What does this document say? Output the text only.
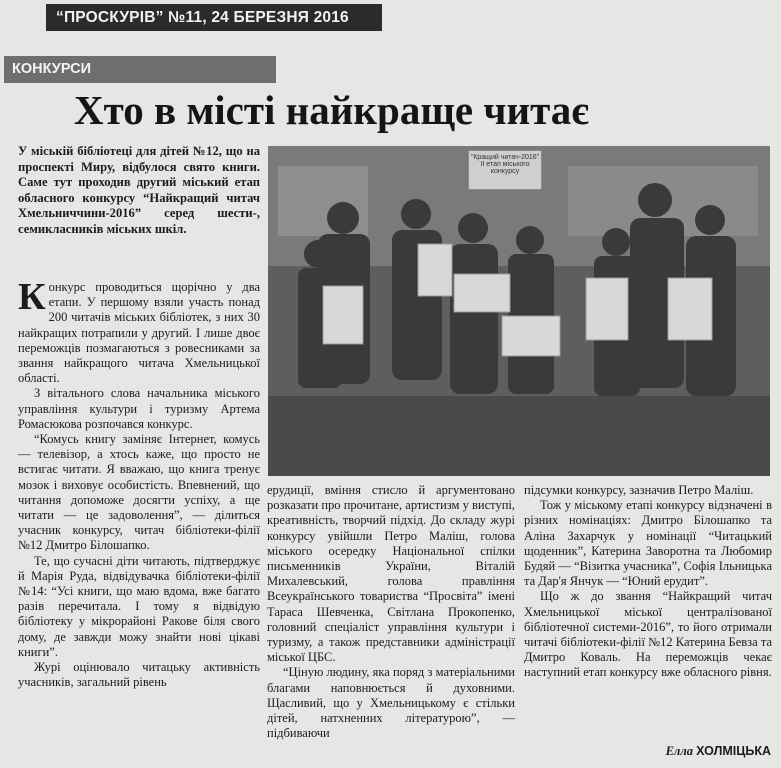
“ПРОСКУРІВ” №11, 24 БЕРЕЗНЯ 2016
КОНКУРСИ
Хто в місті найкраще читає
У міській бібліотеці для дітей №12, що на проспекті Миру, відбулося свято книги. Саме тут проходив другий міський етап обласного конкурсу “Найкращий читач Хмельниччини-2016” серед шести-, семикласників міських шкіл.
“Кращий читач-2016” II етап міського конкурсу

Конкурс проводиться щорічно у два етапи. У першому взяли участь понад 200 читачів міських бібліотек, з них 30 найкращих потрапили у другий. І лише двоє переможців позмагаються з ровесниками за звання найкращого читача Хмельницької області.

З вітального слова начальника міського управління культури і туризму Артема Ромасюкова розпочався конкурс.

“Комусь книгу заміняє Інтернет, комусь — телевізор, а хтось каже, що просто не встигає читати. Я вважаю, що книга тренує мозок і виховує особистість. Впевнений, що читання допоможе досягти успіху, а ще читати — це задоволення”, — ділиться учасник конкурсу, читач бібліотеки-філії №12 Дмитро Білошапко.

Те, що сучасні діти читають, підтверджує й Марія Руда, відвідувачка бібліотеки-філії №14: “Усі книги, що маю вдома, вже багато разів перечитала. І тому я відвідую бібліотеку у мікрорайоні Ракове біля свого дому, де завжди можу знайти нові цікаві книги”.

Журі оцінювало читацьку активність учасників, загальний рівень

ерудиції, вміння стисло й аргументовано розказати про прочитане, артистизм у виступі, креативність, творчий підхід. До складу журі конкурсу увійшли Петро Маліш, голова міського осередку Національної спілки письменників України, Віталій Михалевський, голова правління Всеукраїнського товариства “Просвіта” імені Тараса Шевченка, Світлана Прокопенко, головний спеціаліст управління культури і туризму, а також представники адміністрації міської ЦБС.

“Ціную людину, яка поряд з матеріальними благами наповнюється й духовними. Щасливий, що у Хмельницькому є стільки дітей, натхненних літературою”, — підбиваючи

підсумки конкурсу, зазначив Петро Маліш.

Тож у міському етапі конкурсу відзначені в різних номінаціях: Дмитро Білошапко та Аліна Захарчук у номінації “Читацький щоденник”, Катерина Заворотна та Любомир Будяй — “Візитка учасника”, Софія Ільницька та Дар'я Янчук — “Юний ерудит”.

Що ж до звання “Найкращий читач Хмельницької міської централізованої бібліотечної системи-2016”, то його отримали читачі бібліотеки-філії №12 Катерина Бевза та Дмитро Коваль. На переможців чекає наступний етап конкурсу вже обласного рівня.

Елла ХОЛМІЦЬКА
